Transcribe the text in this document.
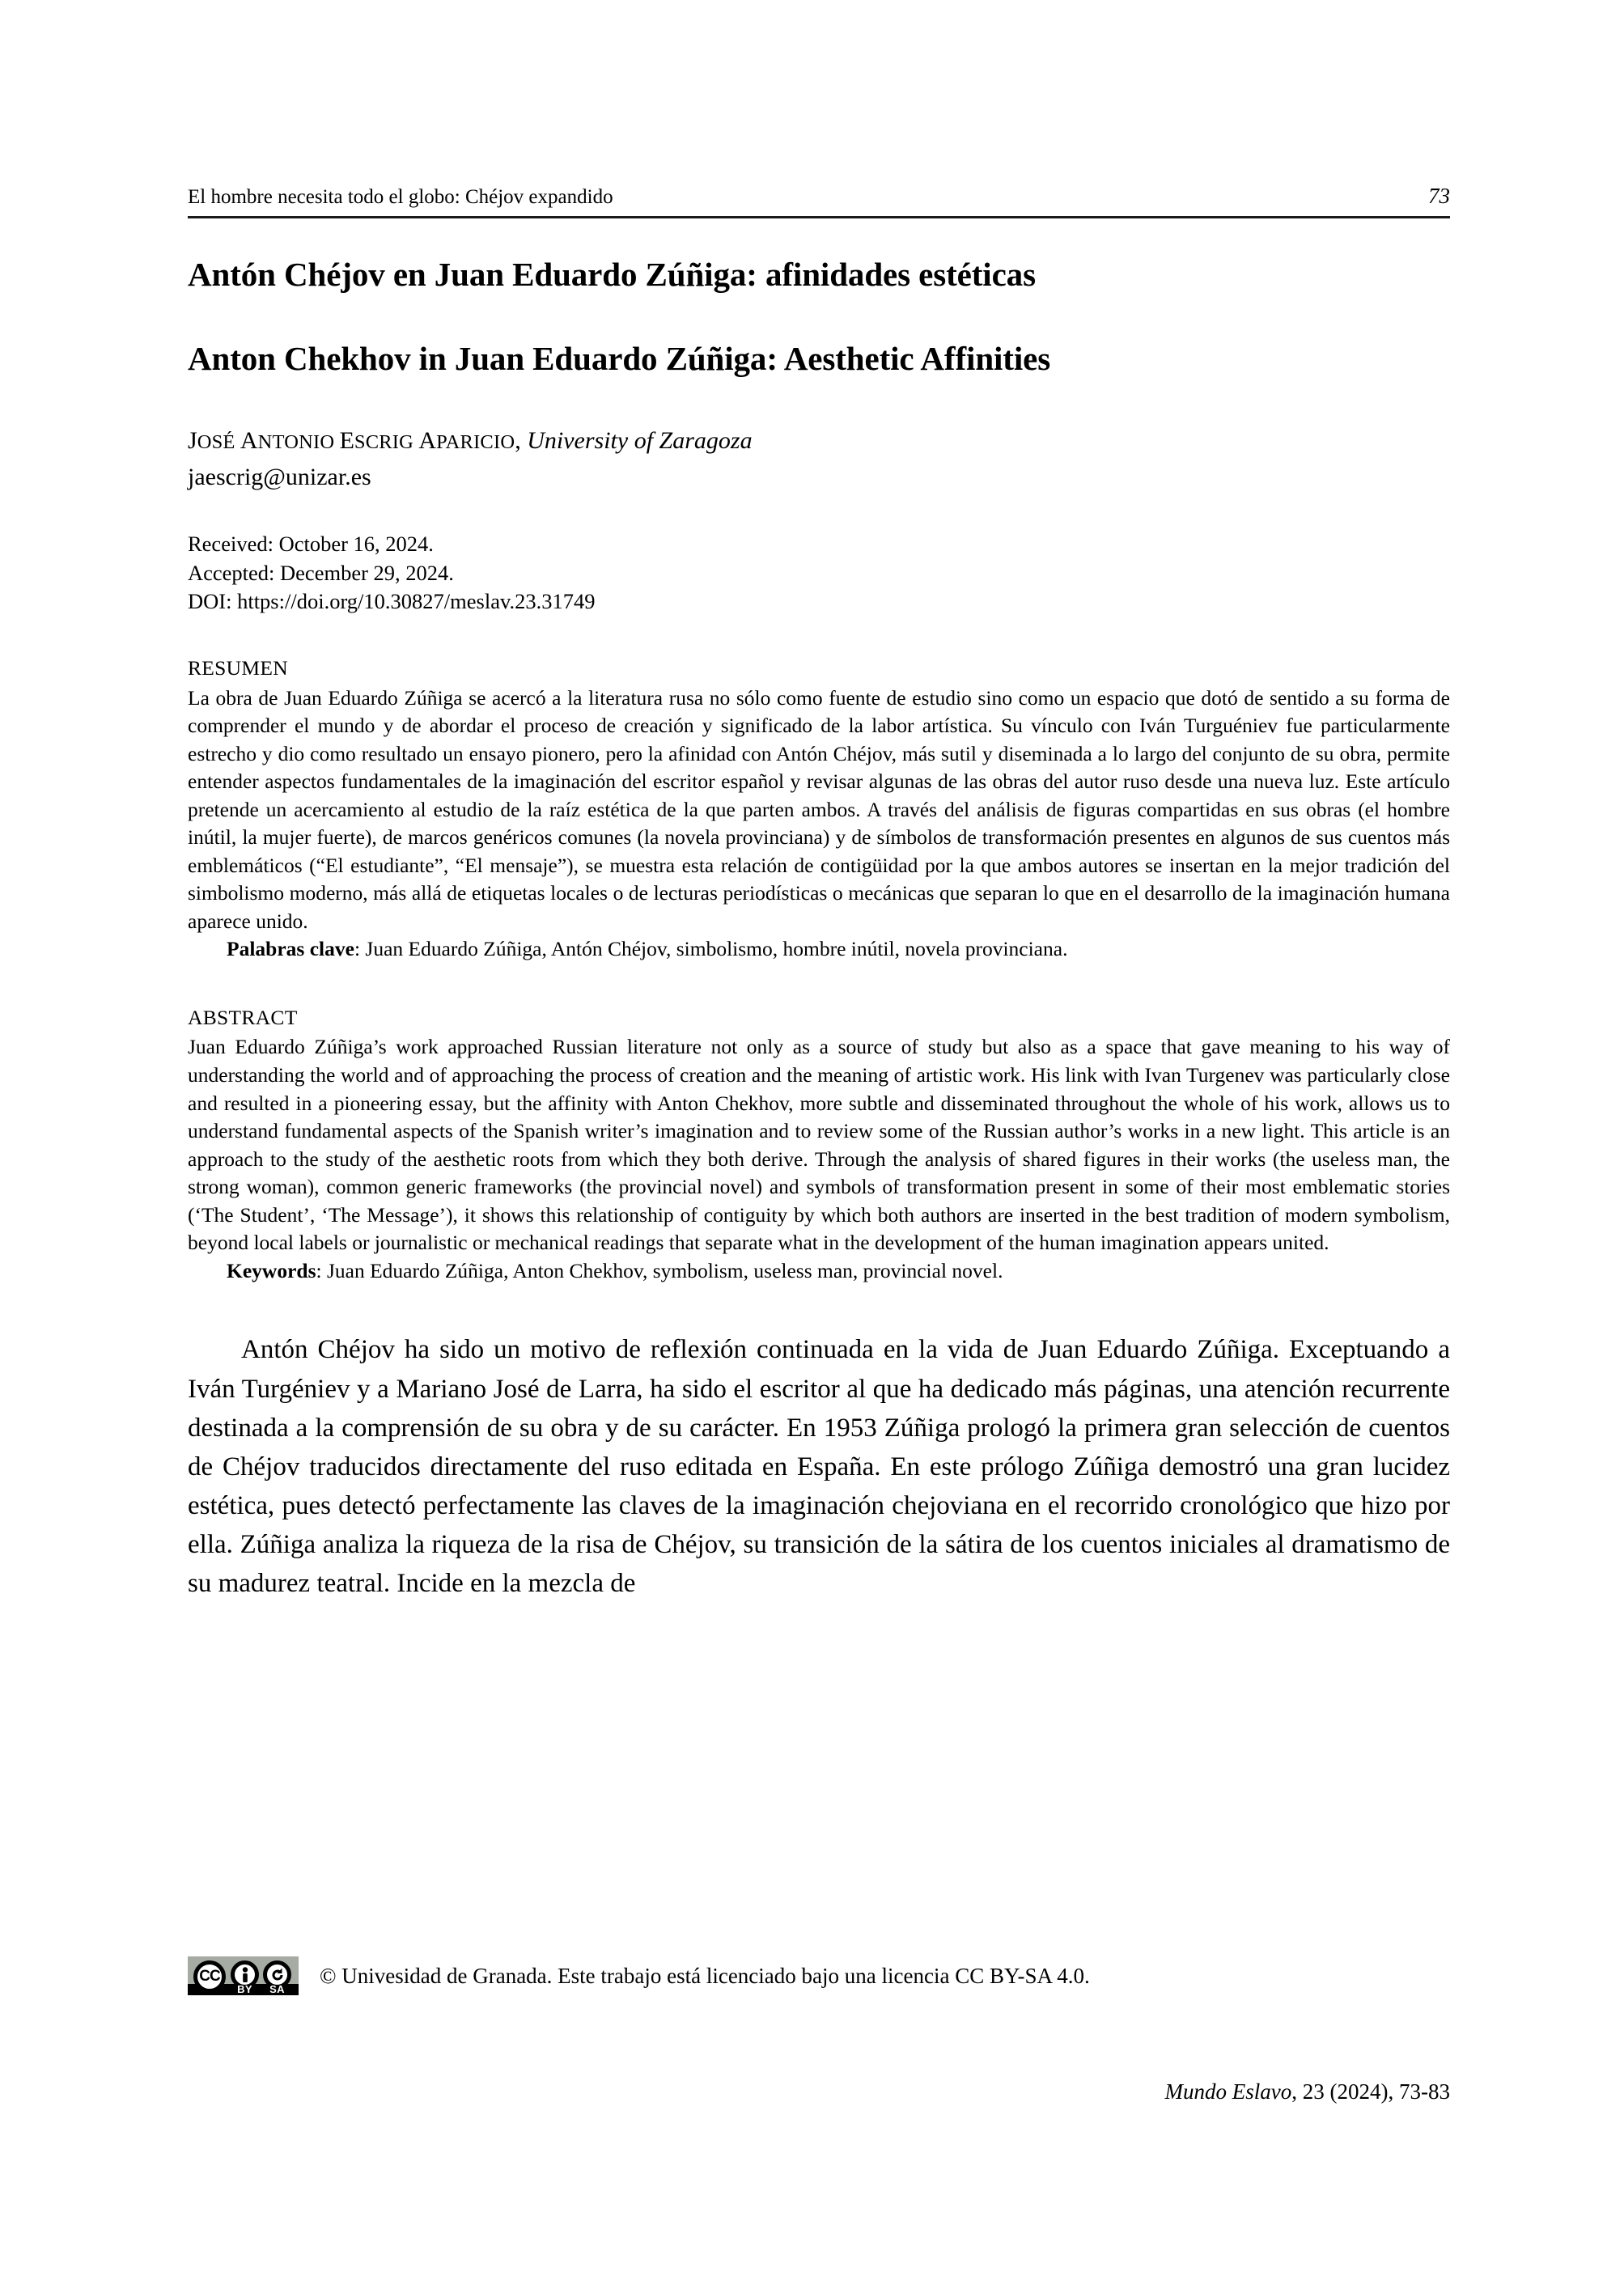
El hombre necesita todo el globo: Chéjov expandido	73
Antón Chéjov en Juan Eduardo Zúñiga: afinidades estéticas
Anton Chekhov in Juan Eduardo Zúñiga: Aesthetic Affinities
JOSÉ ANTONIO ESCRIG APARICIO, University of Zaragoza
jaescrig@unizar.es
Received: October 16, 2024.
Accepted: December 29, 2024.
DOI: https://doi.org/10.30827/meslav.23.31749
RESUMEN
La obra de Juan Eduardo Zúñiga se acercó a la literatura rusa no sólo como fuente de estudio sino como un espacio que dotó de sentido a su forma de comprender el mundo y de abordar el proceso de creación y significado de la labor artística. Su vínculo con Iván Turguéniev fue particularmente estrecho y dio como resultado un ensayo pionero, pero la afinidad con Antón Chéjov, más sutil y diseminada a lo largo del conjunto de su obra, permite entender aspectos fundamentales de la imaginación del escritor español y revisar algunas de las obras del autor ruso desde una nueva luz. Este artículo pretende un acercamiento al estudio de la raíz estética de la que parten ambos. A través del análisis de figuras compartidas en sus obras (el hombre inútil, la mujer fuerte), de marcos genéricos comunes (la novela provinciana) y de símbolos de transformación presentes en algunos de sus cuentos más emblemáticos (“El estudiante”, “El mensaje”), se muestra esta relación de contigüidad por la que ambos autores se insertan en la mejor tradición del simbolismo moderno, más allá de etiquetas locales o de lecturas periodísticas o mecánicas que separan lo que en el desarrollo de la imaginación humana aparece unido.
Palabras clave: Juan Eduardo Zúñiga, Antón Chéjov, simbolismo, hombre inútil, novela provinciana.
ABSTRACT
Juan Eduardo Zúñiga’s work approached Russian literature not only as a source of study but also as a space that gave meaning to his way of understanding the world and of approaching the process of creation and the meaning of artistic work. His link with Ivan Turgenev was particularly close and resulted in a pioneering essay, but the affinity with Anton Chekhov, more subtle and disseminated throughout the whole of his work, allows us to understand fundamental aspects of the Spanish writer’s imagination and to review some of the Russian author’s works in a new light. This article is an approach to the study of the aesthetic roots from which they both derive. Through the analysis of shared figures in their works (the useless man, the strong woman), common generic frameworks (the provincial novel) and symbols of transformation present in some of their most emblematic stories (‘The Student’, ‘The Message’), it shows this relationship of contiguity by which both authors are inserted in the best tradition of modern symbolism, beyond local labels or journalistic or mechanical readings that separate what in the development of the human imagination appears united.
Keywords: Juan Eduardo Zúñiga, Anton Chekhov, symbolism, useless man, provincial novel.

Antón Chéjov ha sido un motivo de reflexión continuada en la vida de Juan Eduardo Zúñiga. Exceptuando a Iván Turgéniev y a Mariano José de Larra, ha sido el escritor al que ha dedicado más páginas, una atención recurrente destinada a la comprensión de su obra y de su carácter. En 1953 Zúñiga prologó la primera gran selección de cuentos de Chéjov traducidos directamente del ruso editada en España. En este prólogo Zúñiga demostró una gran lucidez estética, pues detectó perfectamente las claves de la imaginación chejoviana en el recorrido cronológico que hizo por ella. Zúñiga analiza la riqueza de la risa de Chéjov, su transición de la sátira de los cuentos iniciales al dramatismo de su madurez teatral. Incide en la mezcla de

CC
BY	SA
© Univesidad de Granada. Este trabajo está licenciado bajo una licencia CC BY-SA 4.0.
Mundo Eslavo, 23 (2024), 73-83
